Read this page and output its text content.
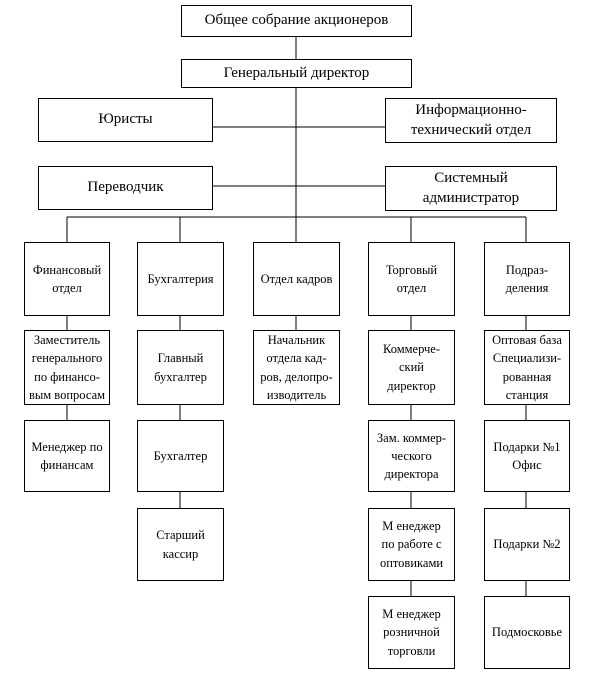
Общее собрание акционеров
Генеральный директор
Юристы
Информационно-
технический отдел
Переводчик
Системный
администратор
Финансовый
отдел
Бухгалтерия	Отдел кадров
Торговый
отдел
Подраз-
деления
Заместитель
генерального
по финансо-
вым вопросам
Менеджер по
финансам
Главный
бухгалтер
Бухгалтер
Старший
кассир
Начальник
отдела кад-
ров, делопро-
изводитель
Коммерче-
ский
директор
Зам. коммер-
ческого
директора
М енеджер
по работе с
оптовиками
М енеджер
розничной
торговли
Оптовая база
Специализи-
рованная
станция
Подарки №1
Офис
Подарки №2
Подмосковье
